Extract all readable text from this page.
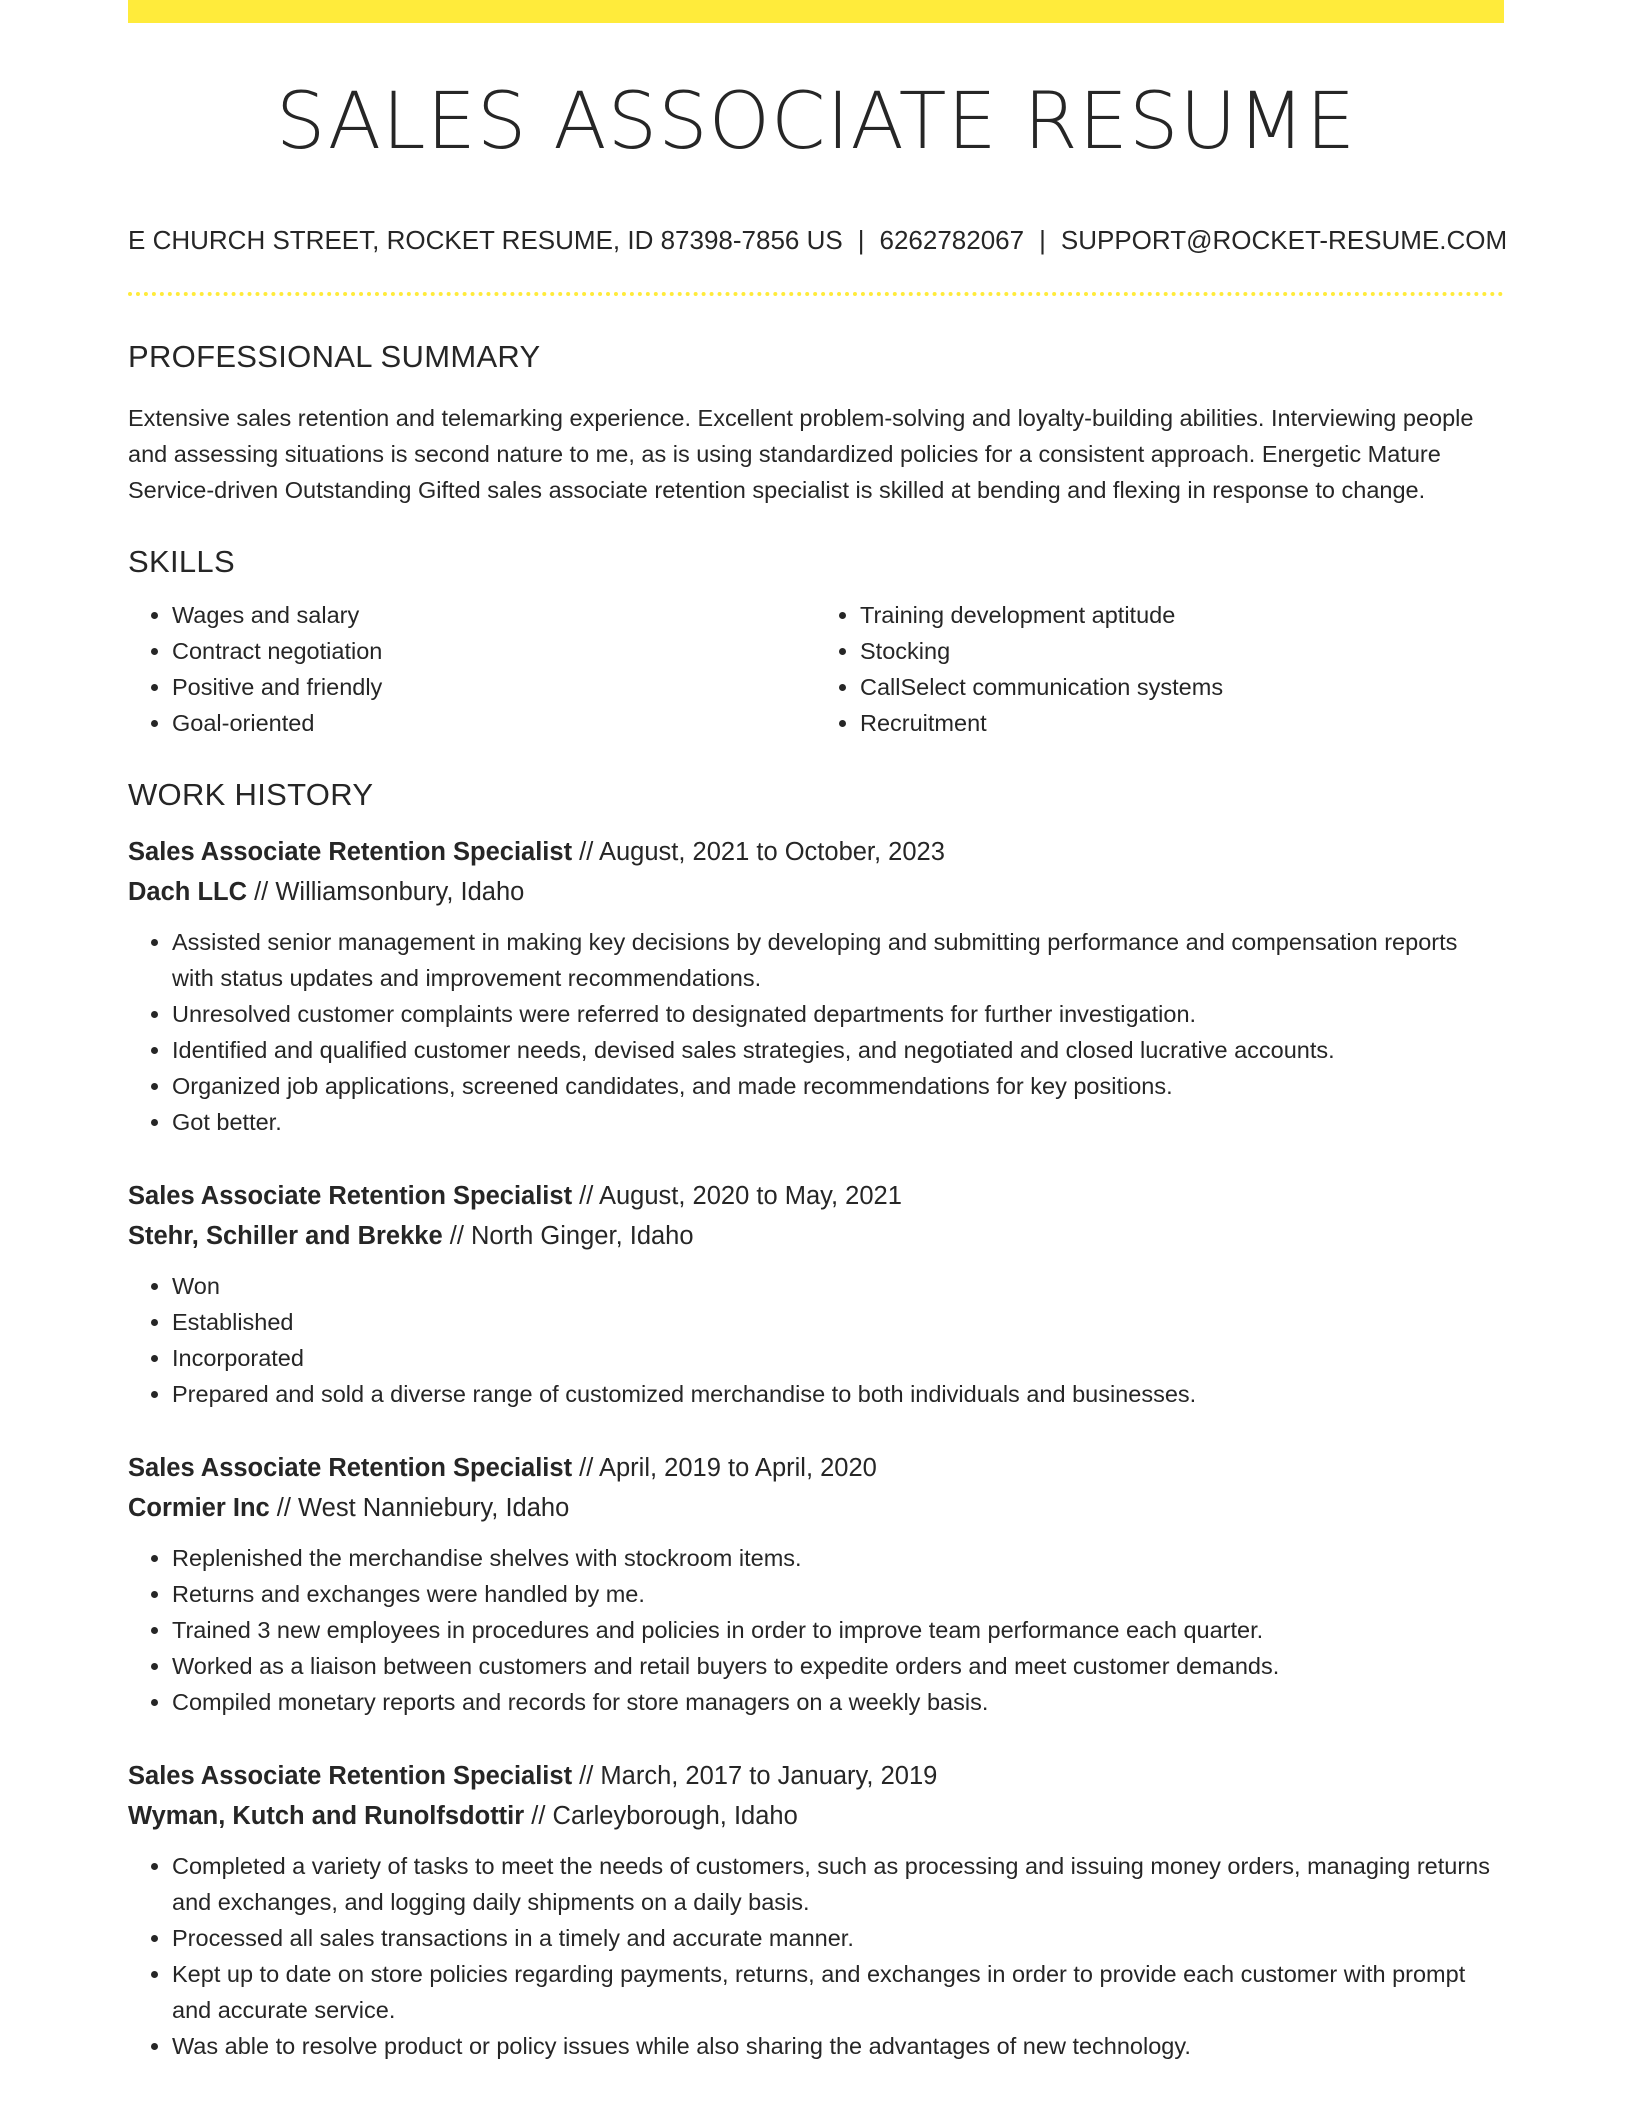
SALES ASSOCIATE RESUME
E CHURCH STREET, ROCKET RESUME, ID 87398-7856 US | 6262782067 | SUPPORT@ROCKET-RESUME.COM
PROFESSIONAL SUMMARY
Extensive sales retention and telemarking experience. Excellent problem-solving and loyalty-building abilities. Interviewing people and assessing situations is second nature to me, as is using standardized policies for a consistent approach. Energetic Mature Service-driven Outstanding Gifted sales associate retention specialist is skilled at bending and flexing in response to change.
SKILLS
• Wages and salary
• Contract negotiation
• Positive and friendly
• Goal-oriented
• Training development aptitude
• Stocking
• CallSelect communication systems
• Recruitment
WORK HISTORY
Sales Associate Retention Specialist // August, 2021 to October, 2023
Dach LLC // Williamsonbury, Idaho
• Assisted senior management in making key decisions by developing and submitting performance and compensation reports with status updates and improvement recommendations.
• Unresolved customer complaints were referred to designated departments for further investigation.
• Identified and qualified customer needs, devised sales strategies, and negotiated and closed lucrative accounts.
• Organized job applications, screened candidates, and made recommendations for key positions.
• Got better.
Sales Associate Retention Specialist // August, 2020 to May, 2021
Stehr, Schiller and Brekke // North Ginger, Idaho
• Won
• Established
• Incorporated
• Prepared and sold a diverse range of customized merchandise to both individuals and businesses.
Sales Associate Retention Specialist // April, 2019 to April, 2020
Cormier Inc // West Nanniebury, Idaho
• Replenished the merchandise shelves with stockroom items.
• Returns and exchanges were handled by me.
• Trained 3 new employees in procedures and policies in order to improve team performance each quarter.
• Worked as a liaison between customers and retail buyers to expedite orders and meet customer demands.
• Compiled monetary reports and records for store managers on a weekly basis.
Sales Associate Retention Specialist // March, 2017 to January, 2019
Wyman, Kutch and Runolfsdottir // Carleyborough, Idaho
• Completed a variety of tasks to meet the needs of customers, such as processing and issuing money orders, managing returns and exchanges, and logging daily shipments on a daily basis.
• Processed all sales transactions in a timely and accurate manner.
• Kept up to date on store policies regarding payments, returns, and exchanges in order to provide each customer with prompt and accurate service.
• Was able to resolve product or policy issues while also sharing the advantages of new technology.
